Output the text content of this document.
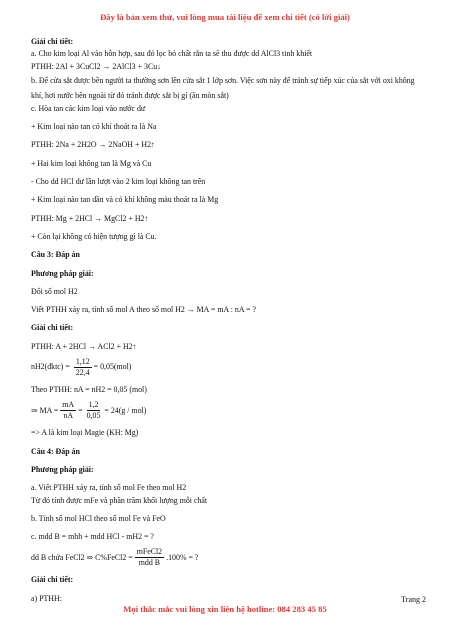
Đây là bản xem thử, vui lòng mua tài liệu để xem chi tiết (có lời giải)

Giải chi tiết:

a. Cho kim loại Al vào hỗn hợp, sau đó lọc bỏ chất rắn ta sẽ thu được dd AlCl3 tinh khiết

PTHH: 2Al + 3CuCl2 → 2AlCl3 + 3Cu↓

b. Để cửa sắt được bền người ta thường sơn lên cửa sắt 1 lớp sơn. Việc sơn này để tránh sự tiếp xúc của sắt với oxi không khí, hơi nước bên ngoài từ đó tránh được sắt bị gỉ (ăn mòn sắt)

c. Hòa tan các kim loại vào nước dư

+ Kim loại nào tan có khí thoát ra là Na

PTHH: 2Na + 2H2O → 2NaOH + H2↑

+ Hai kim loại không tan là Mg và Cu

- Cho dd HCl dư lần lượt vào 2 kim loại không tan trên

+ Kim loại nào tan dần và có khí không màu thoát ra là Mg

PTHH: Mg + 2HCl → MgCl2 + H2↑

+ Còn lại không có hiện tượng gì là Cu.

Câu 3: Đáp án

Phương pháp giải:

Đổi số mol H2

Viết PTHH xảy ra, tính số mol A theo số mol H2 → MA = mA : nA = ?

Giải chi tiết:

PTHH: A + 2HCl → ACl2 + H2↑

nH2(đktc) = $\frac{1,12}{22,4} = 0,05(mol)$

Theo PTHH: nA = nH2 = 0,05 (mol)

⇒ MA = $\frac{mA}{nA} = \frac{1,2}{0,05} = 24(g / mol)$

=> A là kim loại Magie (KH: Mg)

Câu 4: Đáp án

Phương pháp giải:

a. Viết PTHH xảy ra, tính số mol Fe theo mol H2

Từ đó tính được mFe và phần trăm khối lượng mỗi chất

b. Tính số mol HCl theo số mol Fe và FeO

c. mdd B = mhh + mdd HCl - mH2 = ?

dd B chứa FeCl2 ⇒ C%FeCl2 = $\frac{\text{mFeCl2}}{\text{mdd B}} .100\%$ = ?

Giải chi tiết:

a) PTHH:	Trang 2
Mọi thắc mắc vui lòng xin liên hệ hotline: 084 283 45 85
